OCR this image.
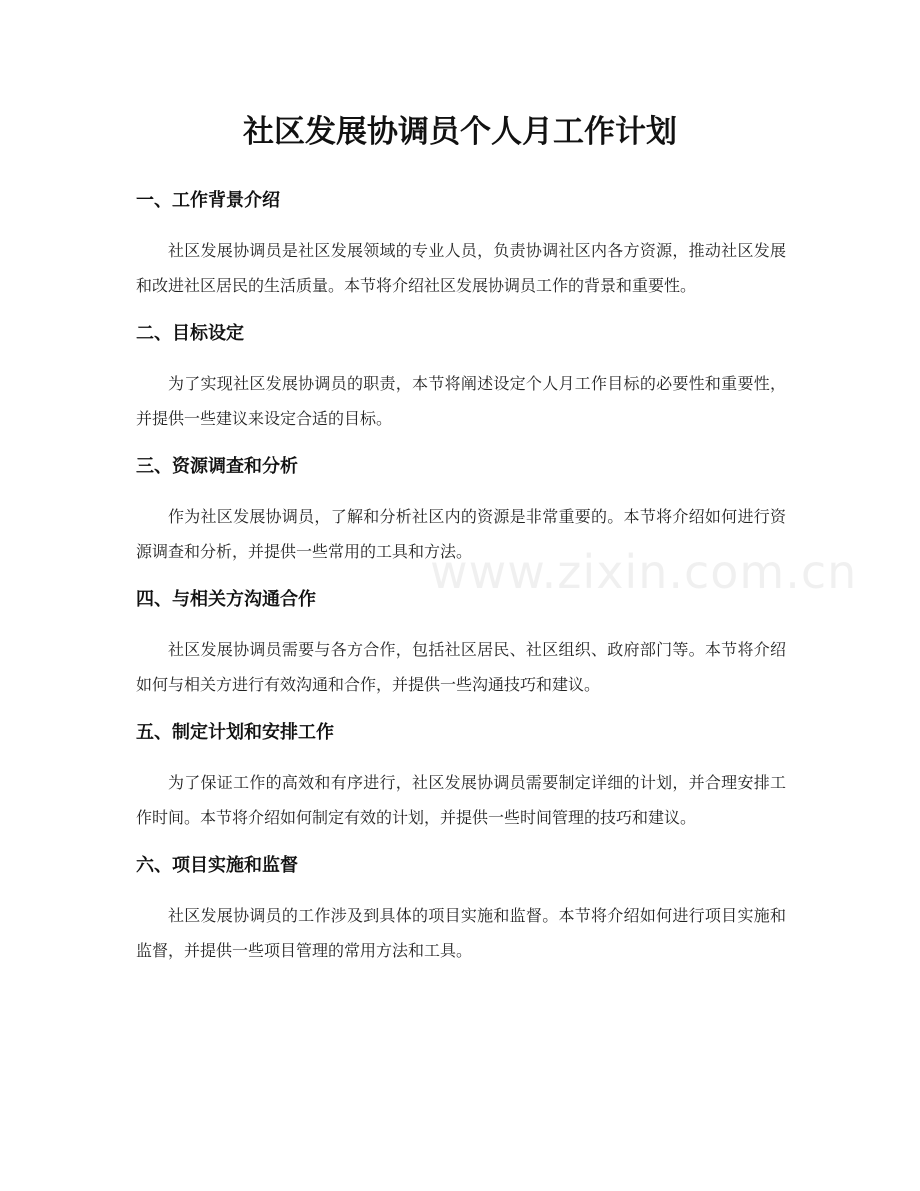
社区发展协调员个人月工作计划
一、工作背景介绍

社区发展协调员是社区发展领域的专业人员，负责协调社区内各方资源，推动社区发展和改进社区居民的生活质量。本节将介绍社区发展协调员工作的背景和重要性。

二、目标设定

为了实现社区发展协调员的职责，本节将阐述设定个人月工作目标的必要性和重要性，并提供一些建议来设定合适的目标。

三、资源调查和分析

作为社区发展协调员，了解和分析社区内的资源是非常重要的。本节将介绍如何进行资源调查和分析，并提供一些常用的工具和方法。

四、与相关方沟通合作

社区发展协调员需要与各方合作，包括社区居民、社区组织、政府部门等。本节将介绍如何与相关方进行有效沟通和合作，并提供一些沟通技巧和建议。

五、制定计划和安排工作

为了保证工作的高效和有序进行，社区发展协调员需要制定详细的计划，并合理安排工作时间。本节将介绍如何制定有效的计划，并提供一些时间管理的技巧和建议。

六、项目实施和监督

社区发展协调员的工作涉及到具体的项目实施和监督。本节将介绍如何进行项目实施和监督，并提供一些项目管理的常用方法和工具。

www.zixin.com.cn
